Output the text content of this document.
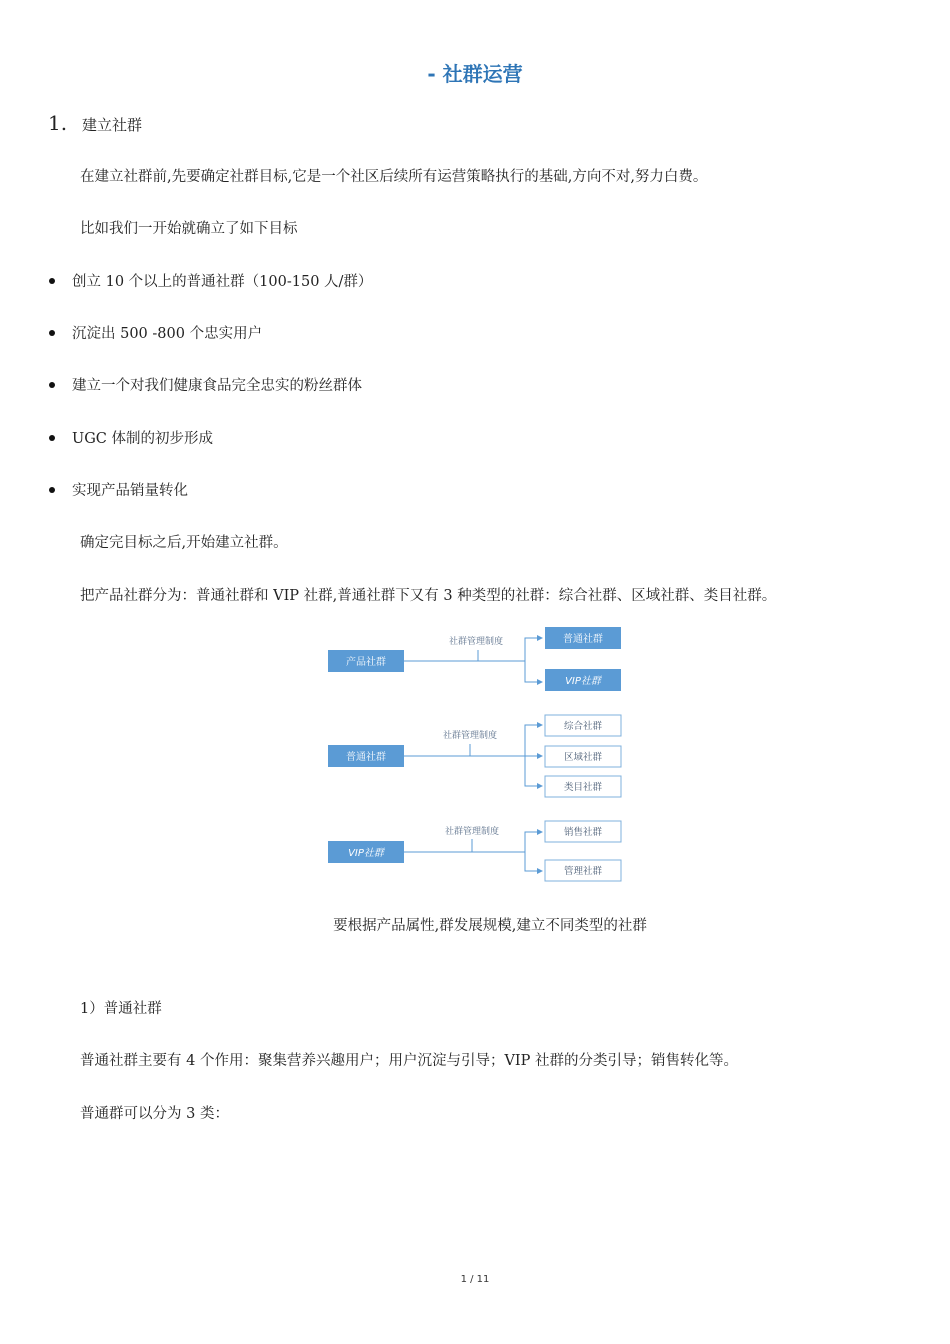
- 社群运营
1. 建立社群
在建立社群前,先要确定社群目标,它是一个社区后续所有运营策略执行的基础,方向不对,努力白费。
比如我们一开始就确立了如下目标
创立 10 个以上的普通社群（100-150 人/群）
沉淀出 500 -800 个忠实用户
建立一个对我们健康食品完全忠实的粉丝群体
UGC 体制的初步形成
实现产品销量转化
确定完目标之后,开始建立社群。
把产品社群分为：普通社群和 VIP 社群,普通社群下又有 3 种类型的社群：综合社群、区域社群、类目社群。
产品社群
社群管理制度	普通社群
VIP社群
普通社群
社群管理制度
综合社群
区域社群
类目社群
VIP社群
社群管理制度	销售社群
管理社群
要根据产品属性,群发展规模,建立不同类型的社群
1）普通社群
普通社群主要有 4 个作用：聚集营养兴趣用户；用户沉淀与引导；VIP 社群的分类引导；销售转化等。
普通群可以分为 3 类：
1 / 11
